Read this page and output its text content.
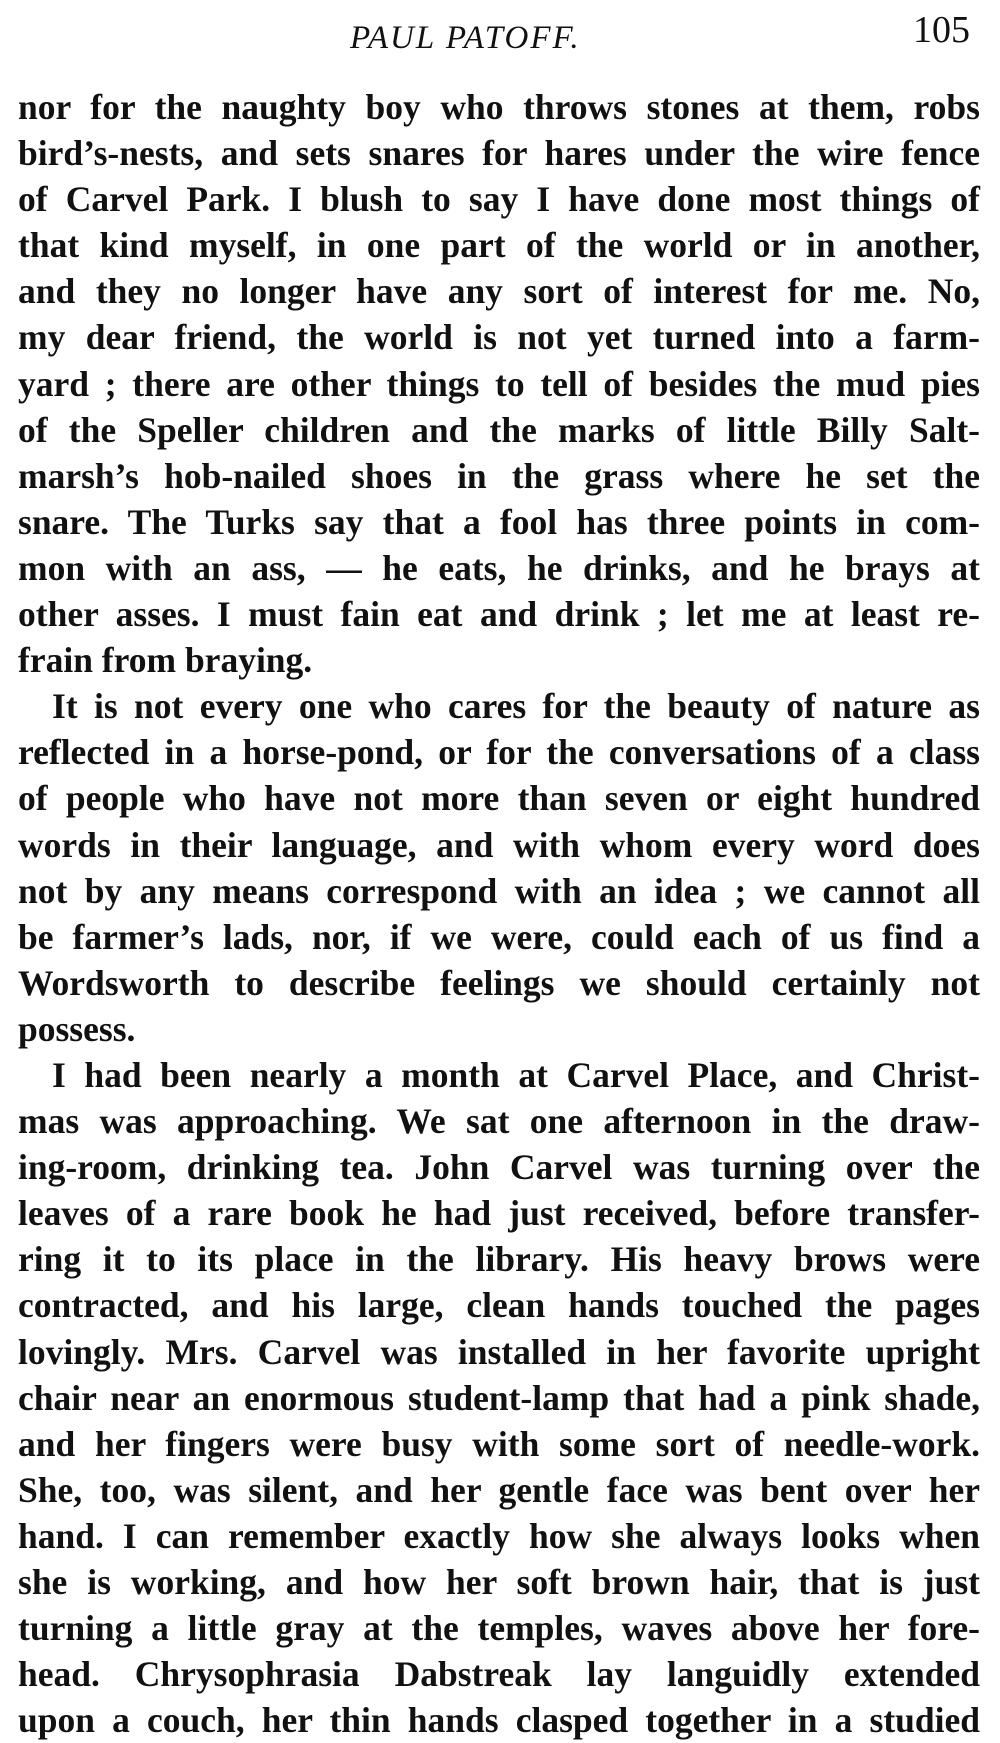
PAUL PATOFF.	105
nor for the naughty boy who throws stones at them, robs
bird’s-nests, and sets snares for hares under the wire fence
of Carvel Park. I blush to say I have done most things of
that kind myself, in one part of the world or in another,
and they no longer have any sort of interest for me. No,
my dear friend, the world is not yet turned into a farm-
yard ; there are other things to tell of besides the mud pies
of the Speller children and the marks of little Billy Salt-
marsh’s hob-nailed shoes in the grass where he set the
snare. The Turks say that a fool has three points in com-
mon with an ass, — he eats, he drinks, and he brays at
other asses. I must fain eat and drink ; let me at least re-
frain from braying.
It is not every one who cares for the beauty of nature as
reflected in a horse-pond, or for the conversations of a class
of people who have not more than seven or eight hundred
words in their language, and with whom every word does
not by any means correspond with an idea ; we cannot all
be farmer’s lads, nor, if we were, could each of us find a
Wordsworth to describe feelings we should certainly not
possess.
I had been nearly a month at Carvel Place, and Christ-
mas was approaching. We sat one afternoon in the draw-
ing-room, drinking tea. John Carvel was turning over the
leaves of a rare book he had just received, before transfer-
ring it to its place in the library. His heavy brows were
contracted, and his large, clean hands touched the pages
lovingly. Mrs. Carvel was installed in her favorite upright
chair near an enormous student-lamp that had a pink shade,
and her fingers were busy with some sort of needle-work.
She, too, was silent, and her gentle face was bent over her
hand. I can remember exactly how she always looks when
she is working, and how her soft brown hair, that is just
turning a little gray at the temples, waves above her fore-
head. Chrysophrasia Dabstreak lay languidly extended
upon a couch, her thin hands clasped together in a studied
